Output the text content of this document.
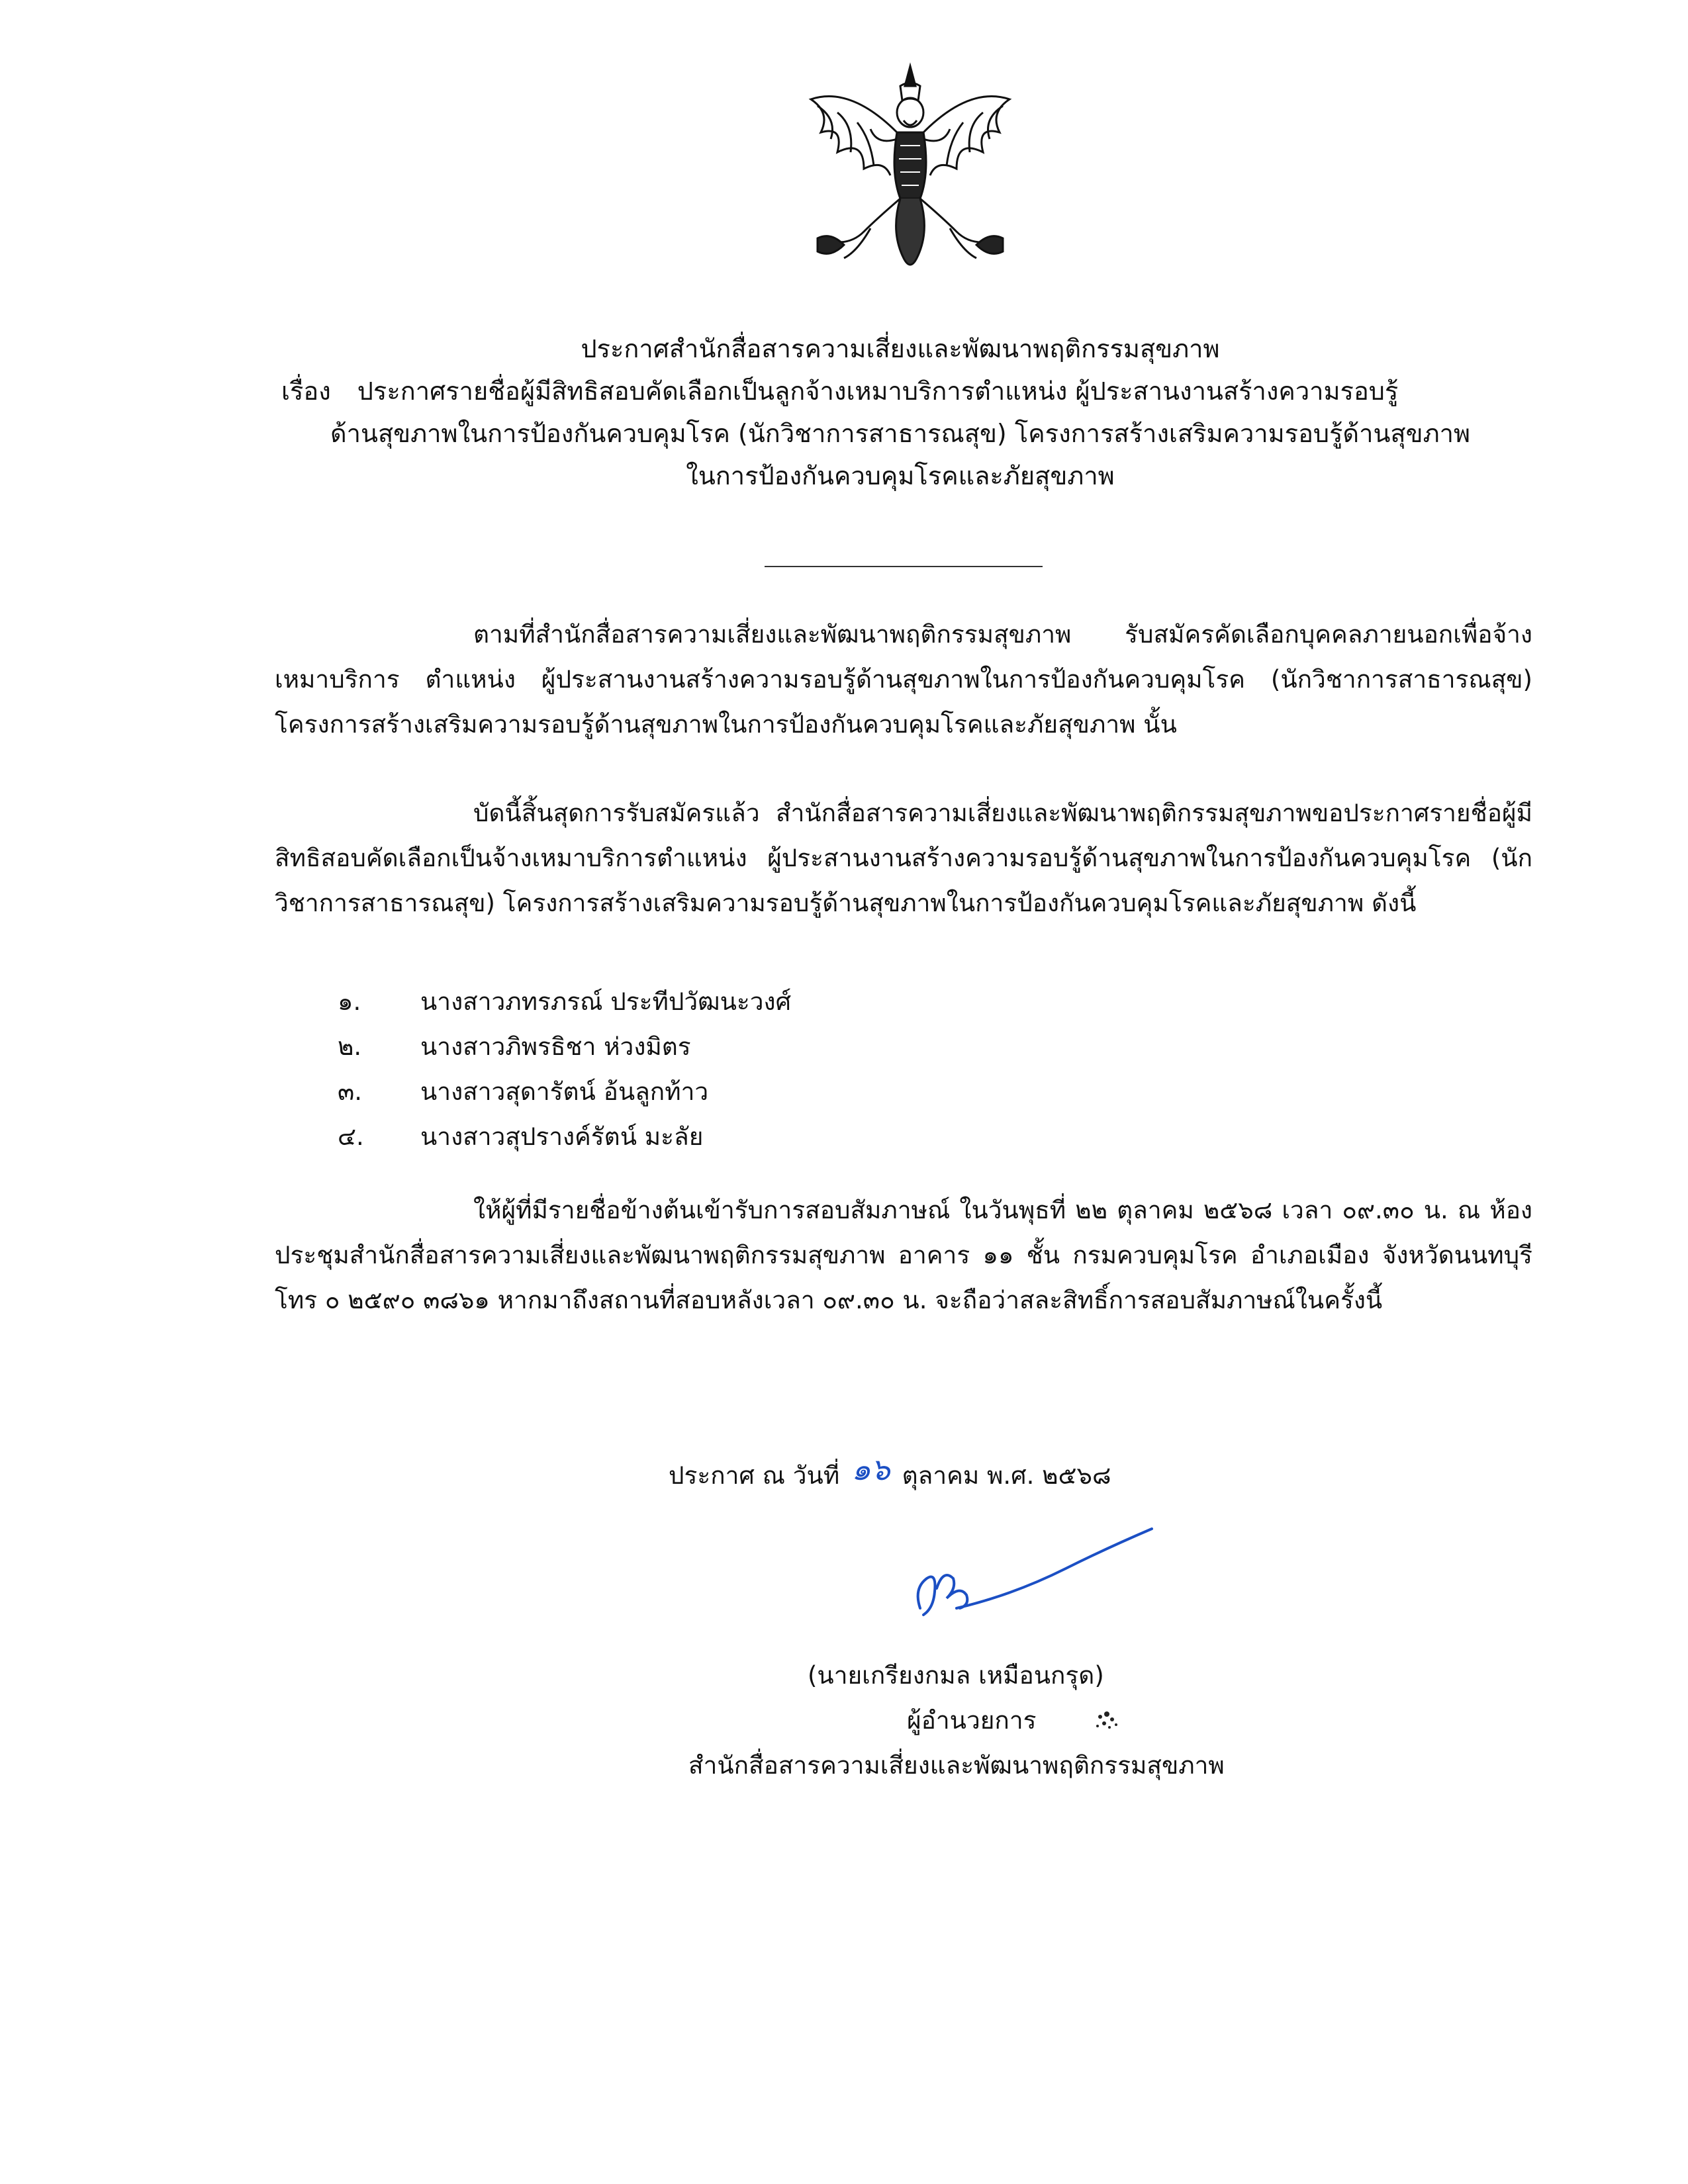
ประกาศสำนักสื่อสารความเสี่ยงและพัฒนาพฤติกรรมสุขภาพ

เรื่อง ประกาศรายชื่อผู้มีสิทธิสอบคัดเลือกเป็นลูกจ้างเหมาบริการตำแหน่ง ผู้ประสานงานสร้างความรอบรู้

ด้านสุขภาพในการป้องกันควบคุมโรค (นักวิชาการสาธารณสุข) โครงการสร้างเสริมความรอบรู้ด้านสุขภาพ

ในการป้องกันควบคุมโรคและภัยสุขภาพ

ตามที่สำนักสื่อสารความเสี่ยงและพัฒนาพฤติกรรมสุขภาพ รับสมัครคัดเลือกบุคคลภายนอกเพื่อจ้างเหมาบริการ ตำแหน่ง ผู้ประสานงานสร้างความรอบรู้ด้านสุขภาพในการป้องกันควบคุมโรค (นักวิชาการสาธารณสุข) โครงการสร้างเสริมความรอบรู้ด้านสุขภาพในการป้องกันควบคุมโรคและภัยสุขภาพ นั้น

บัดนี้สิ้นสุดการรับสมัครแล้ว สำนักสื่อสารความเสี่ยงและพัฒนาพฤติกรรมสุขภาพขอประกาศรายชื่อผู้มีสิทธิสอบคัดเลือกเป็นจ้างเหมาบริการตำแหน่ง ผู้ประสานงานสร้างความรอบรู้ด้านสุขภาพในการป้องกันควบคุมโรค (นักวิชาการสาธารณสุข) โครงการสร้างเสริมความรอบรู้ด้านสุขภาพในการป้องกันควบคุมโรคและภัยสุขภาพ ดังนี้

ให้ผู้ที่มีรายชื่อข้างต้นเข้ารับการสอบสัมภาษณ์ ในวันพุธที่ ๒๒ ตุลาคม ๒๕๖๘ เวลา ๐๙.๓๐ น. ณ ห้องประชุมสำนักสื่อสารความเสี่ยงและพัฒนาพฤติกรรมสุขภาพ อาคาร ๑๑ ชั้น กรมควบคุมโรค อำเภอเมือง จังหวัดนนทบุรี โทร ๐ ๒๕๙๐ ๓๘๖๑ หากมาถึงสถานที่สอบหลังเวลา ๐๙.๓๐ น. จะถือว่าสละสิทธิ์การสอบสัมภาษณ์ในครั้งนี้

๑. นางสาวภทรภรณ์ ประทีปวัฒนะวงศ์
๒. นางสาวภิพรธิชา ห่วงมิตร
๓. นางสาวสุดารัตน์ อ้นลูกท้าว
๔. นางสาวสุปรางค์รัตน์ มะลัย
ประกาศ ณ วันที่ ๑๖ ตุลาคม พ.ศ. ๒๕๖๘
(นายเกรียงกมล เหมือนกรุด)
ผู้อำนวยการ
สำนักสื่อสารความเสี่ยงและพัฒนาพฤติกรรมสุขภาพ
